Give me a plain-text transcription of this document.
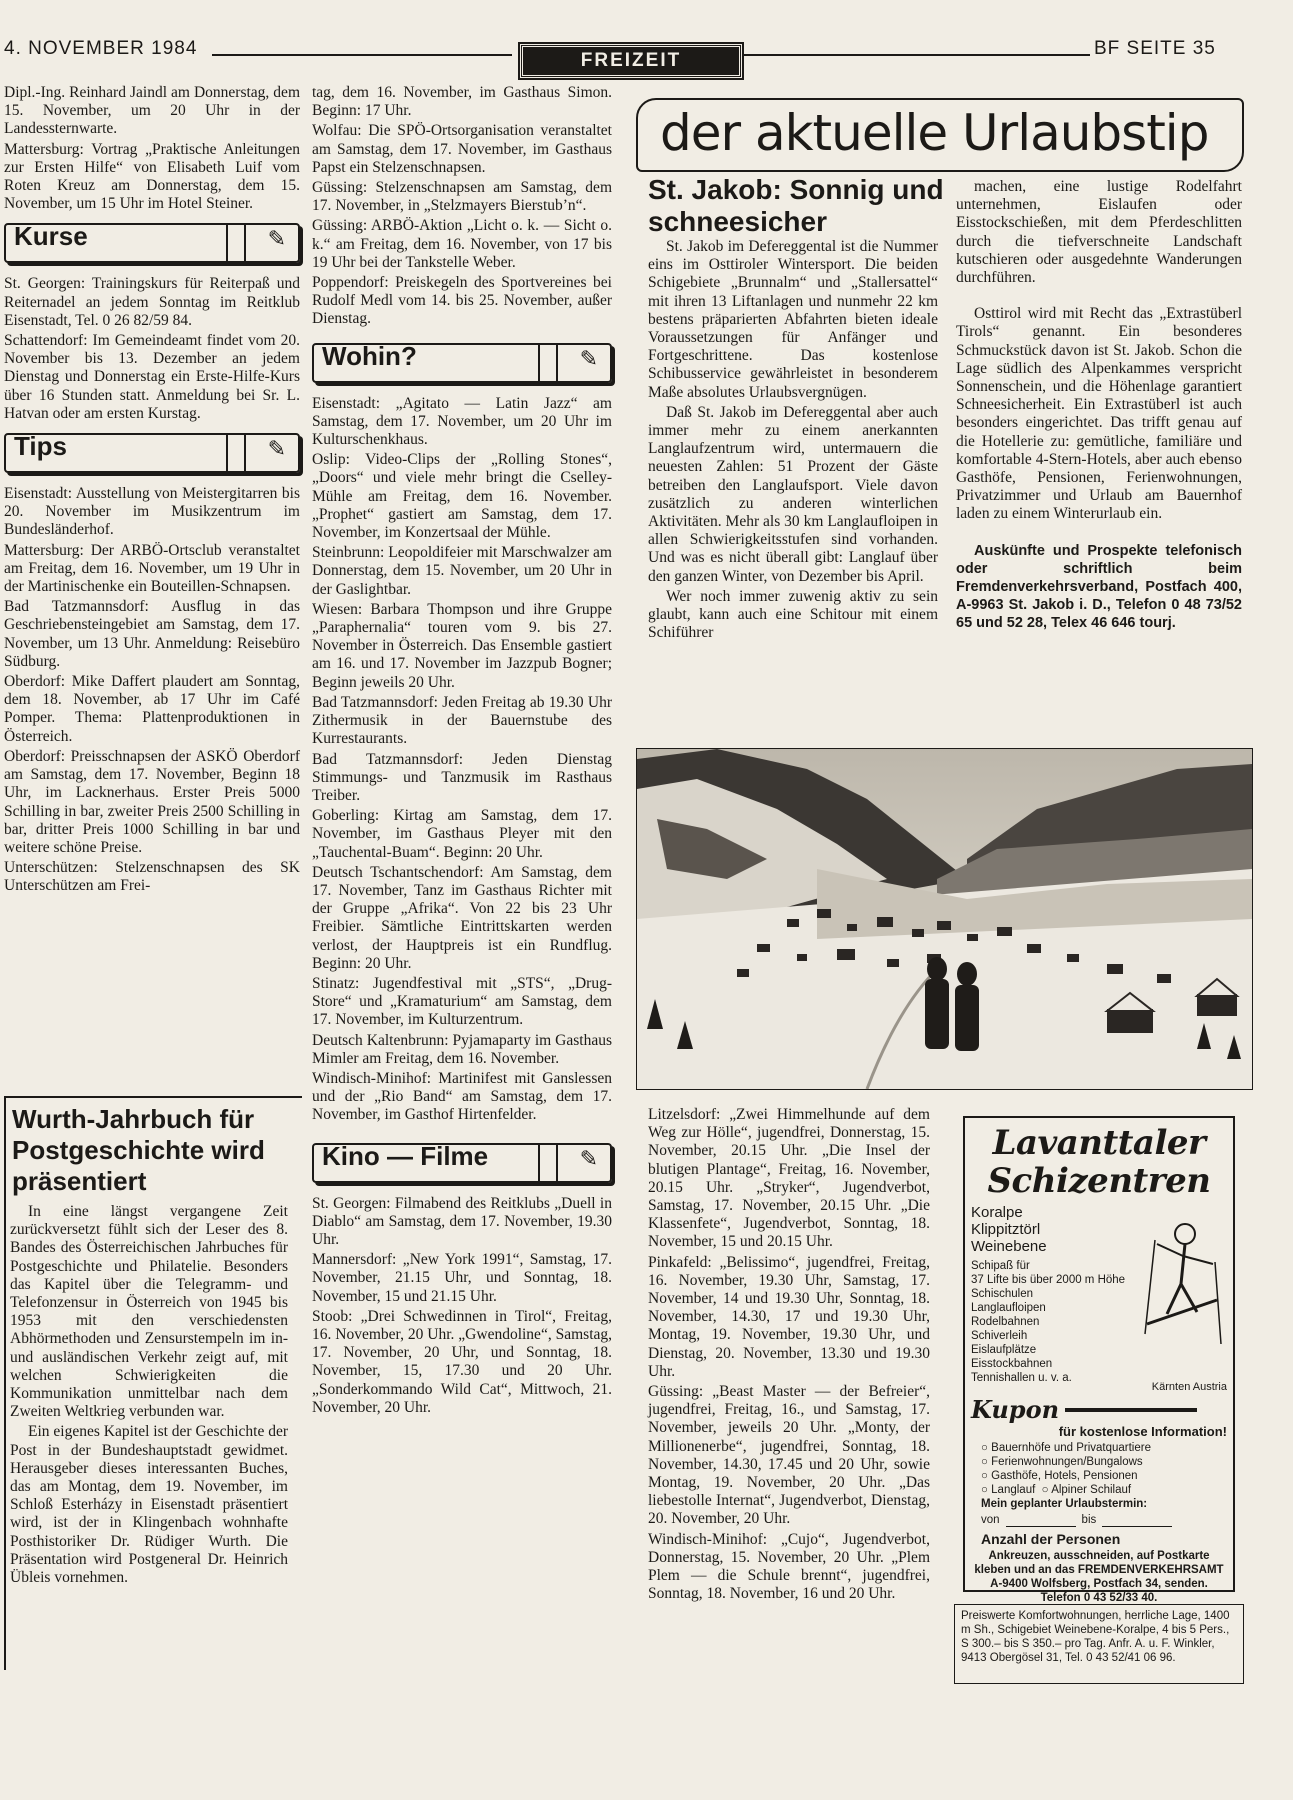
4. NOVEMBER 1984
FREIZEIT
BF SEITE 35

Dipl.-Ing. Reinhard Jaindl am Donnerstag, dem 15. November, um 20 Uhr in der Landessternwarte.

Mattersburg: Vortrag „Praktische Anleitungen zur Ersten Hilfe“ von Elisabeth Luif vom Roten Kreuz am Donnerstag, dem 15. November, um 15 Uhr im Hotel Steiner.

Kurse	✎

St. Georgen: Trainingskurs für Reiterpaß und Reiternadel an jedem Sonntag im Reitklub Eisenstadt, Tel. 0 26 82/59 84.

Schattendorf: Im Gemeindeamt findet vom 20. November bis 13. Dezember an jedem Dienstag und Donnerstag ein Erste-Hilfe-Kurs über 16 Stunden statt. Anmeldung bei Sr. L. Hatvan oder am ersten Kurstag.

Tips	✎

Eisenstadt: Ausstellung von Meistergitarren bis 20. November im Musikzentrum im Bundesländerhof.

Mattersburg: Der ARBÖ-Ortsclub veranstaltet am Freitag, dem 16. November, um 19 Uhr in der Martinischenke ein Bouteillen-Schnapsen.

Bad Tatzmannsdorf: Ausflug in das Geschriebensteingebiet am Samstag, dem 17. November, um 13 Uhr. Anmeldung: Reisebüro Südburg.

Oberdorf: Mike Daffert plaudert am Sonntag, dem 18. November, ab 17 Uhr im Café Pomper. Thema: Plattenproduktionen in Österreich.

Oberdorf: Preisschnapsen der ASKÖ Oberdorf am Samstag, dem 17. November, Beginn 18 Uhr, im Lacknerhaus. Erster Preis 5000 Schilling in bar, zweiter Preis 2500 Schilling in bar, dritter Preis 1000 Schilling in bar und weitere schöne Preise.

Unterschützen: Stelzenschnapsen des SK Unterschützen am Frei-

Wurth-Jahrbuch für Postgeschichte wird präsentiert

In eine längst vergangene Zeit zurückversetzt fühlt sich der Leser des 8. Bandes des Österreichischen Jahrbuches für Postgeschichte und Philatelie. Besonders das Kapitel über die Telegramm- und Telefonzensur in Österreich von 1945 bis 1953 mit den verschiedensten Abhörmethoden und Zensurstempeln im in- und ausländischen Verkehr zeigt auf, mit welchen Schwierigkeiten die Kommunikation unmittelbar nach dem Zweiten Weltkrieg verbunden war.

Ein eigenes Kapitel ist der Geschichte der Post in der Bundeshauptstadt gewidmet. Herausgeber dieses interessanten Buches, das am Montag, dem 19. November, im Schloß Esterházy in Eisenstadt präsentiert wird, ist der in Klingenbach wohnhafte Posthistoriker Dr. Rüdiger Wurth. Die Präsentation wird Postgeneral Dr. Heinrich Übleis vornehmen.

tag, dem 16. November, im Gasthaus Simon. Beginn: 17 Uhr.

Wolfau: Die SPÖ-Ortsorganisation veranstaltet am Samstag, dem 17. November, im Gasthaus Papst ein Stelzenschnapsen.

Güssing: Stelzenschnapsen am Samstag, dem 17. November, in „Stelzmayers Bierstub’n“.

Güssing: ARBÖ-Aktion „Licht o. k. — Sicht o. k.“ am Freitag, dem 16. November, von 17 bis 19 Uhr bei der Tankstelle Weber.

Poppendorf: Preiskegeln des Sportvereines bei Rudolf Medl vom 14. bis 25. November, außer Dienstag.

Wohin?	✎

Eisenstadt: „Agitato — Latin Jazz“ am Samstag, dem 17. November, um 20 Uhr im Kulturschenkhaus.

Oslip: Video-Clips der „Rolling Stones“, „Doors“ und viele mehr bringt die Cselley-Mühle am Freitag, dem 16. November. „Prophet“ gastiert am Samstag, dem 17. November, im Konzertsaal der Mühle.

Steinbrunn: Leopoldifeier mit Marschwalzer am Donnerstag, dem 15. November, um 20 Uhr in der Gaslightbar.

Wiesen: Barbara Thompson und ihre Gruppe „Paraphernalia“ touren vom 9. bis 27. November in Österreich. Das Ensemble gastiert am 16. und 17. November im Jazzpub Bogner; Beginn jeweils 20 Uhr.

Bad Tatzmannsdorf: Jeden Freitag ab 19.30 Uhr Zithermusik in der Bauernstube des Kurrestaurants.

Bad Tatzmannsdorf: Jeden Dienstag Stimmungs- und Tanzmusik im Rasthaus Treiber.

Goberling: Kirtag am Samstag, dem 17. November, im Gasthaus Pleyer mit den „Tauchental-Buam“. Beginn: 20 Uhr.

Deutsch Tschantschendorf: Am Samstag, dem 17. November, Tanz im Gasthaus Richter mit der Gruppe „Afrika“. Von 22 bis 23 Uhr Freibier. Sämtliche Eintrittskarten werden verlost, der Hauptpreis ist ein Rundflug. Beginn: 20 Uhr.

Stinatz: Jugendfestival mit „STS“, „Drug-Store“ und „Kramaturium“ am Samstag, dem 17. November, im Kulturzentrum.

Deutsch Kaltenbrunn: Pyjamaparty im Gasthaus Mimler am Freitag, dem 16. November.

Windisch-Minihof: Martinifest mit Ganslessen und der „Rio Band“ am Samstag, dem 17. November, im Gasthof Hirtenfelder.

Kino — Filme	✎

St. Georgen: Filmabend des Reitklubs „Duell in Diablo“ am Samstag, dem 17. November, 19.30 Uhr.

Mannersdorf: „New York 1991“, Samstag, 17. November, 21.15 Uhr, und Sonntag, 18. November, 15 und 21.15 Uhr.

Stoob: „Drei Schwedinnen in Tirol“, Freitag, 16. November, 20 Uhr. „Gwendoline“, Samstag, 17. November, 20 Uhr, und Sonntag, 18. November, 15, 17.30 und 20 Uhr. „Sonderkommando Wild Cat“, Mittwoch, 21. November, 20 Uhr.

der aktuelle Urlaubstip
St. Jakob: Sonnig und schneesicher

St. Jakob im Defereggental ist die Nummer eins im Osttiroler Wintersport. Die beiden Schigebiete „Brunnalm“ und „Stallersattel“ mit ihren 13 Liftanlagen und nunmehr 22 km bestens präparierten Abfahrten bieten ideale Voraussetzungen für Anfänger und Fortgeschrittene. Das kostenlose Schibusservice gewährleistet in besonderem Maße absolutes Urlaubsvergnügen.

Daß St. Jakob im Defereggental aber auch immer mehr zu einem anerkannten Langlaufzentrum wird, untermauern die neuesten Zahlen: 51 Prozent der Gäste betreiben den Langlaufsport. Viele davon zusätzlich zu anderen winterlichen Aktivitäten. Mehr als 30 km Langlaufloipen in allen Schwierigkeitsstufen sind vorhanden. Und was es nicht überall gibt: Langlauf über den ganzen Winter, von Dezember bis April.

Wer noch immer zuwenig aktiv zu sein glaubt, kann auch eine Schitour mit einem Schiführer

machen, eine lustige Rodelfahrt unternehmen, Eislaufen oder Eisstockschießen, mit dem Pferdeschlitten durch die tiefverschneite Landschaft kutschieren oder ausgedehnte Wanderungen durchführen.

Osttirol wird mit Recht das „Extrastüberl Tirols“ genannt. Ein besonderes Schmuckstück davon ist St. Jakob. Schon die Lage südlich des Alpenkammes verspricht Sonnenschein, und die Höhenlage garantiert Schneesicherheit. Ein Extrastüberl ist auch besonders eingerichtet. Das trifft genau auf die Hotellerie zu: gemütliche, familiäre und komfortable 4-Stern-Hotels, aber auch ebenso Gasthöfe, Pensionen, Ferienwohnungen, Privatzimmer und Urlaub am Bauernhof laden zu einem Winterurlaub ein.

Auskünfte und Prospekte telefonisch oder schriftlich beim Fremdenverkehrsverband, Postfach 400, A-9963 St. Jakob i. D., Telefon 0 48 73/52 65 und 52 28, Telex 46 646 tourj.

Litzelsdorf: „Zwei Himmelhunde auf dem Weg zur Hölle“, jugendfrei, Donnerstag, 15. November, 20.15 Uhr. „Die Insel der blutigen Plantage“, Freitag, 16. November, 20.15 Uhr. „Stryker“, Jugendverbot, Samstag, 17. November, 20.15 Uhr. „Die Klassenfete“, Jugendverbot, Sonntag, 18. November, 15 und 20.15 Uhr.

Pinkafeld: „Belissimo“, jugendfrei, Freitag, 16. November, 19.30 Uhr, Samstag, 17. November, 14 und 19.30 Uhr, Sonntag, 18. November, 14.30, 17 und 19.30 Uhr, Montag, 19. November, 19.30 Uhr, und Dienstag, 20. November, 13.30 und 19.30 Uhr.

Güssing: „Beast Master — der Befreier“, jugendfrei, Freitag, 16., und Samstag, 17. November, jeweils 20 Uhr. „Monty, der Millionenerbe“, jugendfrei, Sonntag, 18. November, 14.30, 17.45 und 20 Uhr, sowie Montag, 19. November, 20 Uhr. „Das liebestolle Internat“, Jugendverbot, Dienstag, 20. November, 20 Uhr.

Windisch-Minihof: „Cujo“, Jugendverbot, Donnerstag, 15. November, 20 Uhr. „Plem Plem — die Schule brennt“, jugendfrei, Sonntag, 18. November, 16 und 20 Uhr.

Lavanttaler
Schizentren
Koralpe
Klippitztörl
Weinebene
Schipaß für
37 Lifte bis über 2000 m Höhe
Schischulen
Langlaufloipen
Rodelbahnen
Schiverleih
Eislaufplätze
Eisstockbahnen
Tennishallen u. v. a.
Kärnten Austria
Kupon
für kostenlose Information!
○ Bauernhöfe und Privatquartiere
○ Ferienwohnungen/Bungalows
○ Gasthöfe, Hotels, Pensionen
○ Langlauf  ○ Alpiner Schilauf
Mein geplanter Urlaubstermin:
von	bis
Anzahl der Personen
Ankreuzen, ausschneiden, auf Postkarte kleben und an das FREMDENVERKEHRSAMT A-9400 Wolfsberg, Postfach 34, senden. Telefon 0 43 52/33 40.
Preiswerte Komfortwohnungen, herrliche Lage, 1400 m Sh., Schigebiet Weinebene-Koralpe, 4 bis 5 Pers., S 300.– bis S 350.– pro Tag. Anfr. A. u. F. Winkler, 9413 Obergösel 31, Tel. 0 43 52/41 06 96.
